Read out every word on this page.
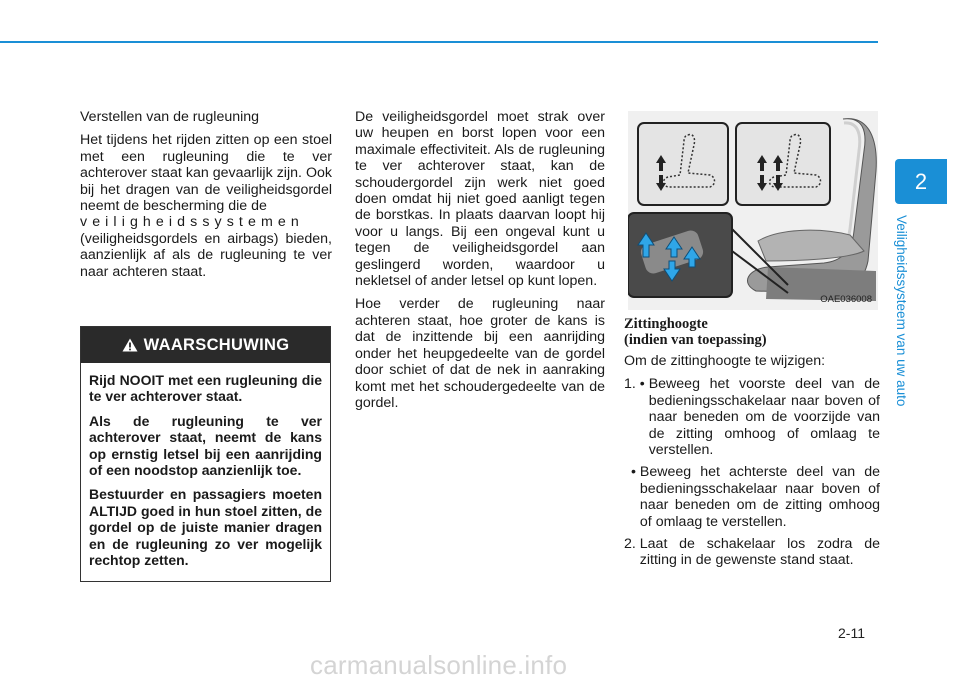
Verstellen van de rugleuning

Het tijdens het rijden zitten op een stoel met een rugleuning die te ver achterover staat kan gevaarlijk zijn. Ook bij het dragen van de veiligheidsgordel neemt de bescherming die de
veiligheidssystemen
(veiligheidsgordels en airbags) bieden, aanzienlijk af als de rugleuning te ver naar achteren staat.

WAARSCHUWING

Rijd NOOIT met een rugleuning die te ver achterover staat.

Als de rugleuning te ver achterover staat, neemt de kans op ernstig letsel bij een aanrijding of een noodstop aanzienlijk toe.

Bestuurder en passagiers moeten ALTIJD goed in hun stoel zitten, de gordel op de juiste manier dragen en de rugleuning zo ver mogelijk rechtop zetten.

De veiligheidsgordel moet strak over uw heupen en borst lopen voor een maximale effectiviteit. Als de rugleuning te ver achterover staat, kan de schoudergordel zijn werk niet goed doen omdat hij niet goed aanligt tegen de borstkas. In plaats daarvan loopt hij voor u langs. Bij een ongeval kunt u tegen de veiligheidsgordel aan geslingerd worden, waardoor u nekletsel of ander letsel op kunt lopen.

Hoe verder de rugleuning naar achteren staat, hoe groter de kans is dat de inzittende bij een aanrijding onder het heupgedeelte van de gordel door schiet of dat de nek in aanraking komt met het schoudergedeelte van de gordel.

OAE036008
Zittinghoogte
(indien van toepassing)

Om de zittinghoogte te wijzigen:

1. • Beweeg het voorste deel van de bedieningsschakelaar naar boven of naar beneden om de voorzijde van de zitting omhoog of omlaag te verstellen.
• Beweeg het achterste deel van de bedieningsschakelaar naar boven of naar beneden om de zitting omhoog of omlaag te verstellen.
2. Laat de schakelaar los zodra de zitting in de gewenste stand staat.
2
Veiligheidssysteem van uw auto
2-11
carmanualsonline.info
